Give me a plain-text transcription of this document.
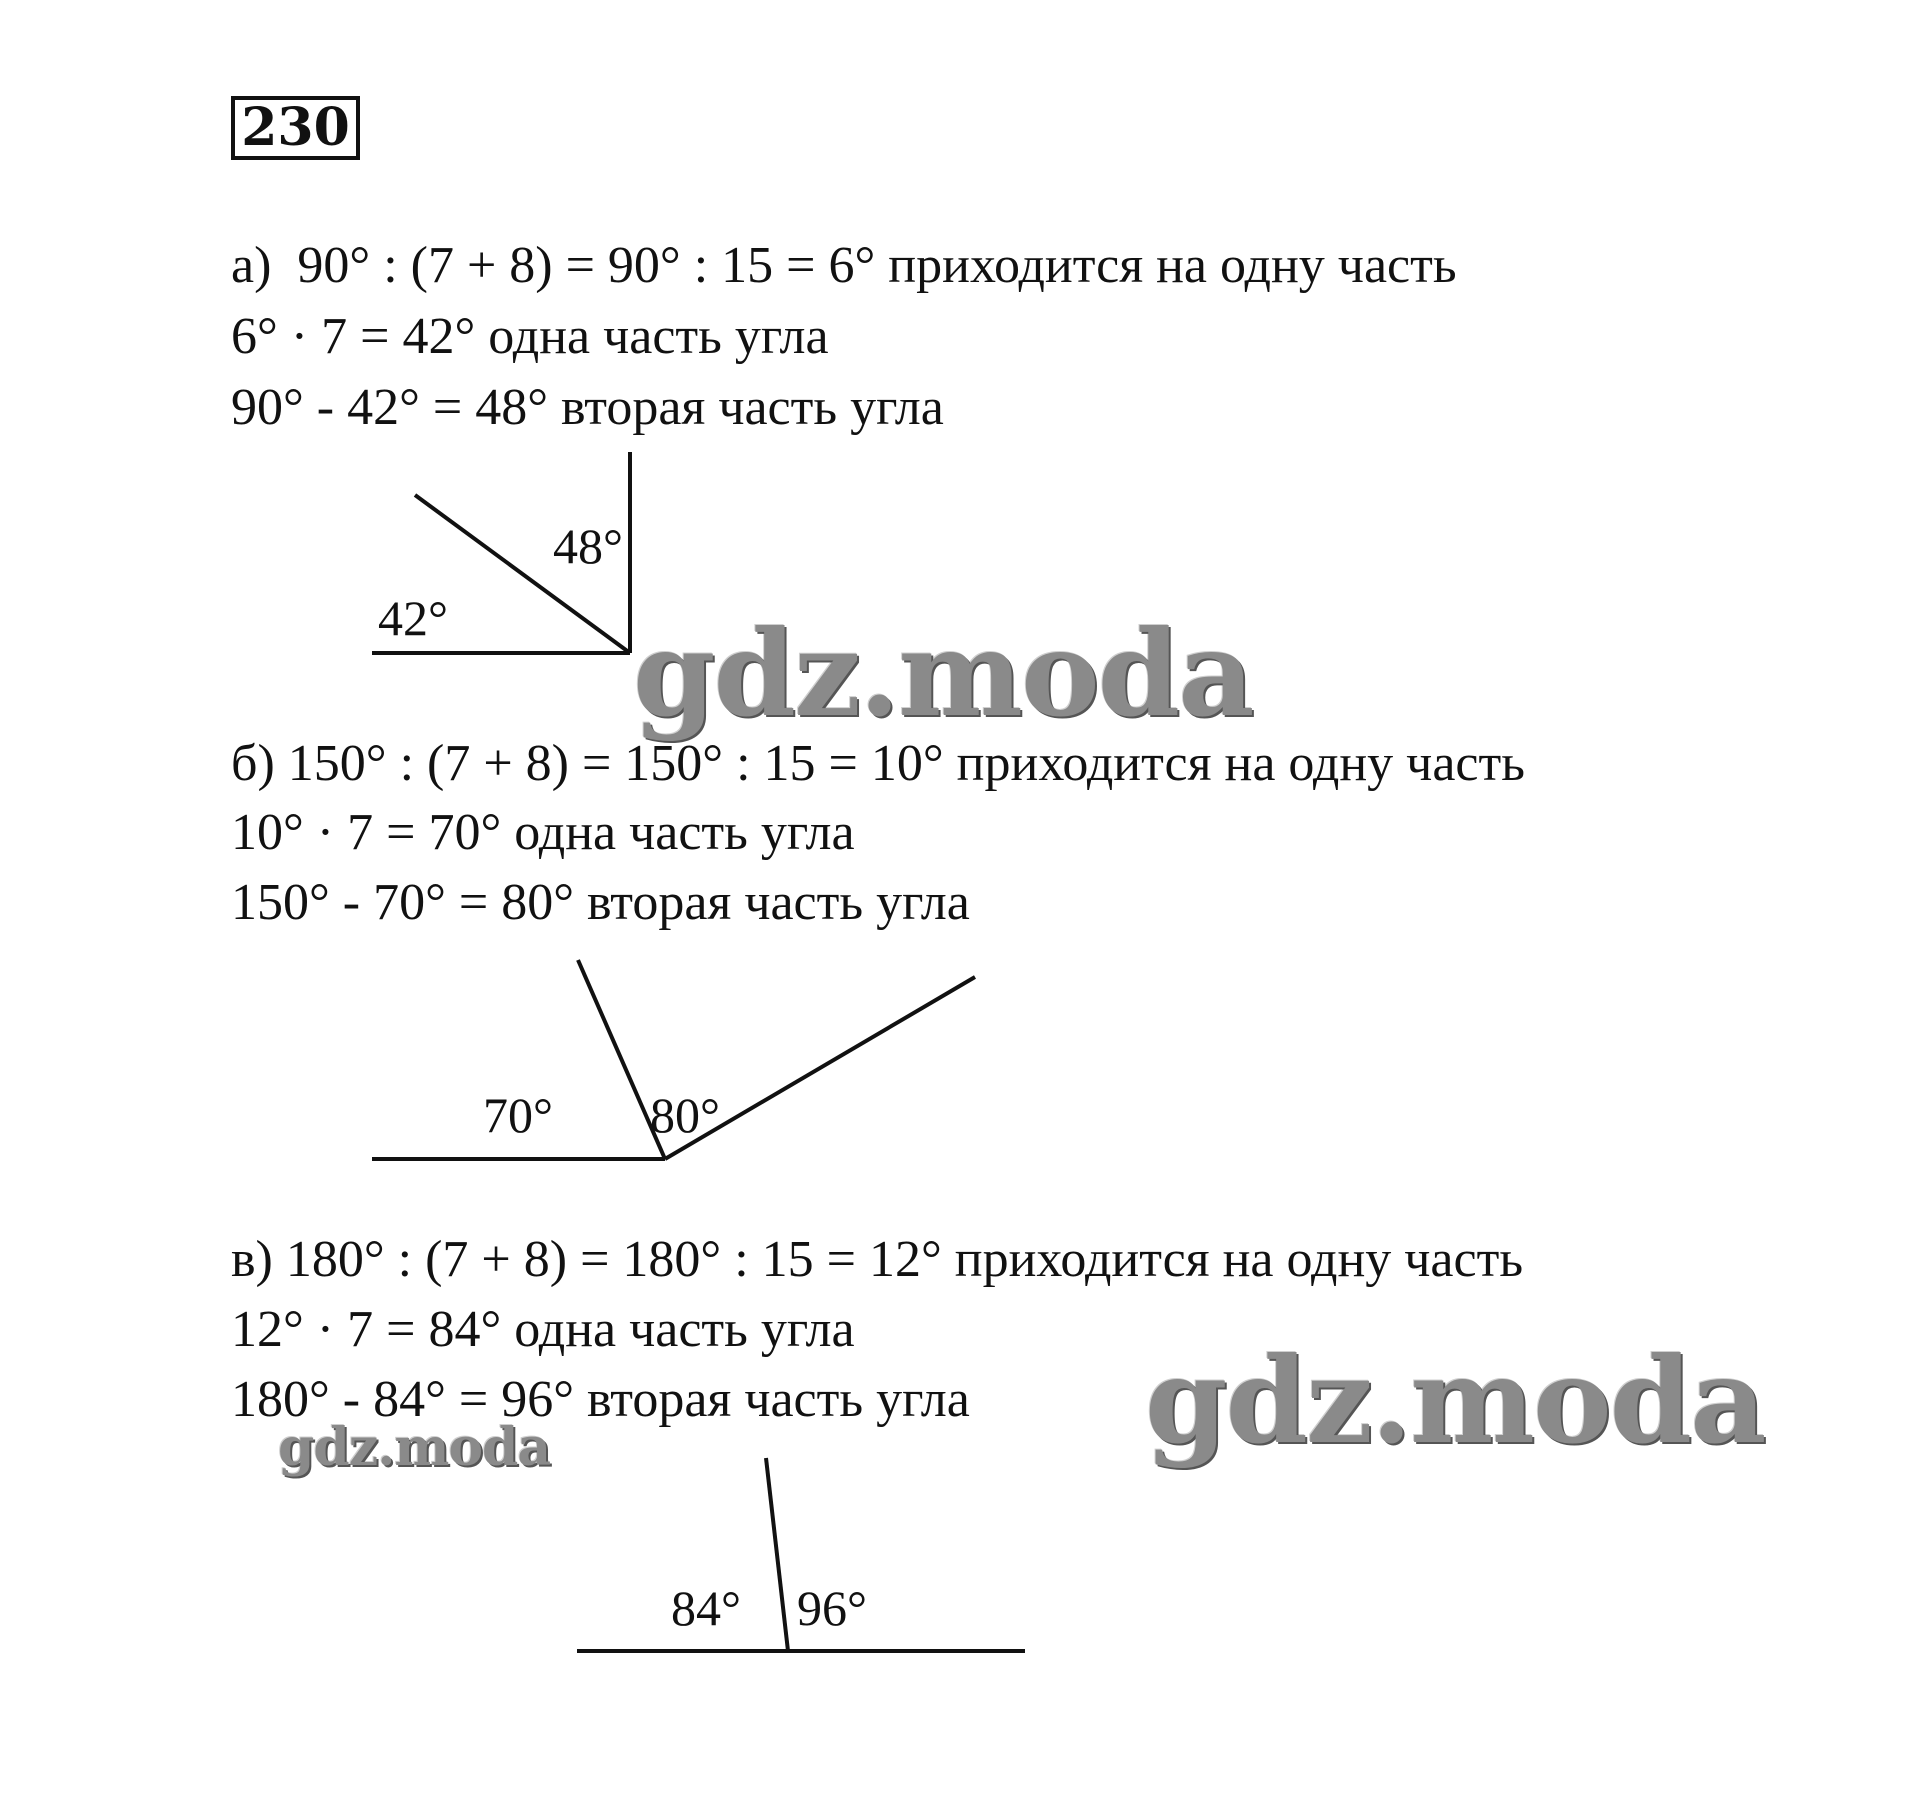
230
а)  90° : (7 + 8) = 90° : 15 = 6° приходится на одну часть
6° · 7 = 42° одна часть угла
90° - 42° = 48° вторая часть угла
42°
48°
gdz.moda
б) 150° : (7 + 8) = 150° : 15 = 10° приходится на одну часть
10° · 7 = 70° одна часть угла
150° - 70° = 80° вторая часть угла
70° 80°
в) 180° : (7 + 8) = 180° : 15 = 12° приходится на одну часть
12° · 7 = 84° одна часть угла
180° - 84° = 96° вторая часть угла gdz.moda
gdz.moda
84° 96°
